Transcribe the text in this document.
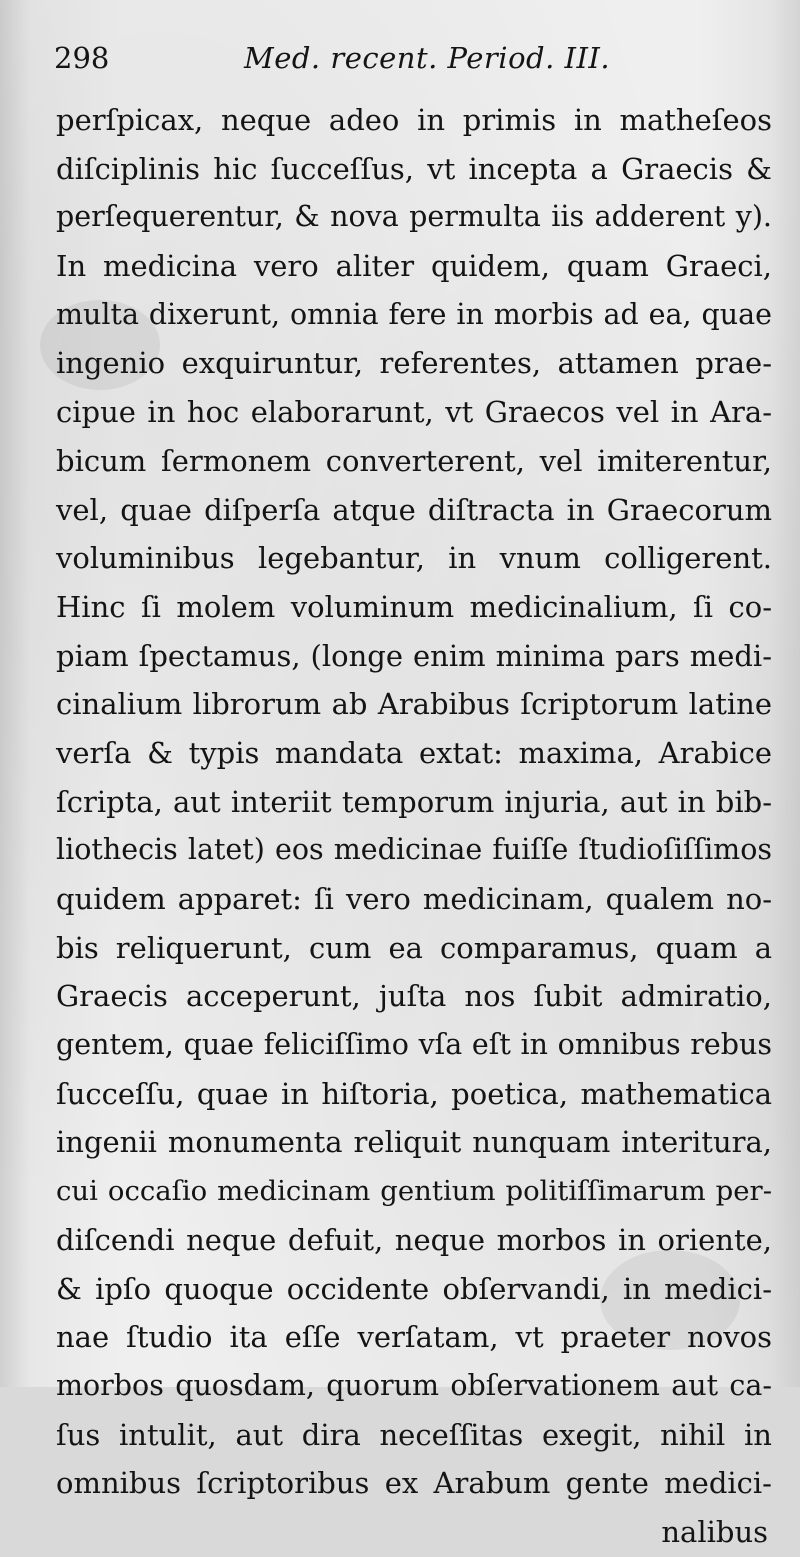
298	Med. recent. Period. III.
perſpicax, neque adeo in primis in matheſeos
diſciplinis hic ſucceſſus, vt incepta a Graecis &
perſequerentur, & nova permulta iis adderent y).
In medicina vero aliter quidem, quam Graeci,
multa dixerunt, omnia fere in morbis ad ea, quae
ingenio exquiruntur, referentes, attamen prae-
cipue in hoc elaborarunt, vt Graecos vel in Ara-
bicum ſermonem converterent, vel imiterentur,
vel, quae diſperſa atque diſtracta in Graecorum
voluminibus legebantur, in vnum colligerent.
Hinc ſi molem voluminum medicinalium, ſi co-
piam ſpectamus, (longe enim minima pars medi-
cinalium librorum ab Arabibus ſcriptorum latine
verſa & typis mandata extat: maxima, Arabice
ſcripta, aut interiit temporum injuria, aut in bib-
liothecis latet) eos medicinae fuiſſe ſtudioſiſſimos
quidem apparet: ſi vero medicinam, qualem no-
bis reliquerunt, cum ea comparamus, quam a
Graecis acceperunt, juſta nos ſubit admiratio,
gentem, quae feliciſſimo vſa eſt in omnibus rebus
ſucceſſu, quae in hiſtoria, poetica, mathematica
ingenii monumenta reliquit nunquam interitura,
cui occaſio medicinam gentium politiſſimarum per-
diſcendi neque defuit, neque morbos in oriente,
& ipſo quoque occidente obſervandi, in medici-
nae ſtudio ita eſſe verſatam, vt praeter novos
morbos quosdam, quorum obſervationem aut ca-
ſus intulit, aut dira neceſſitas exegit, nihil in
omnibus ſcriptoribus ex Arabum gente medici-
nalibus
